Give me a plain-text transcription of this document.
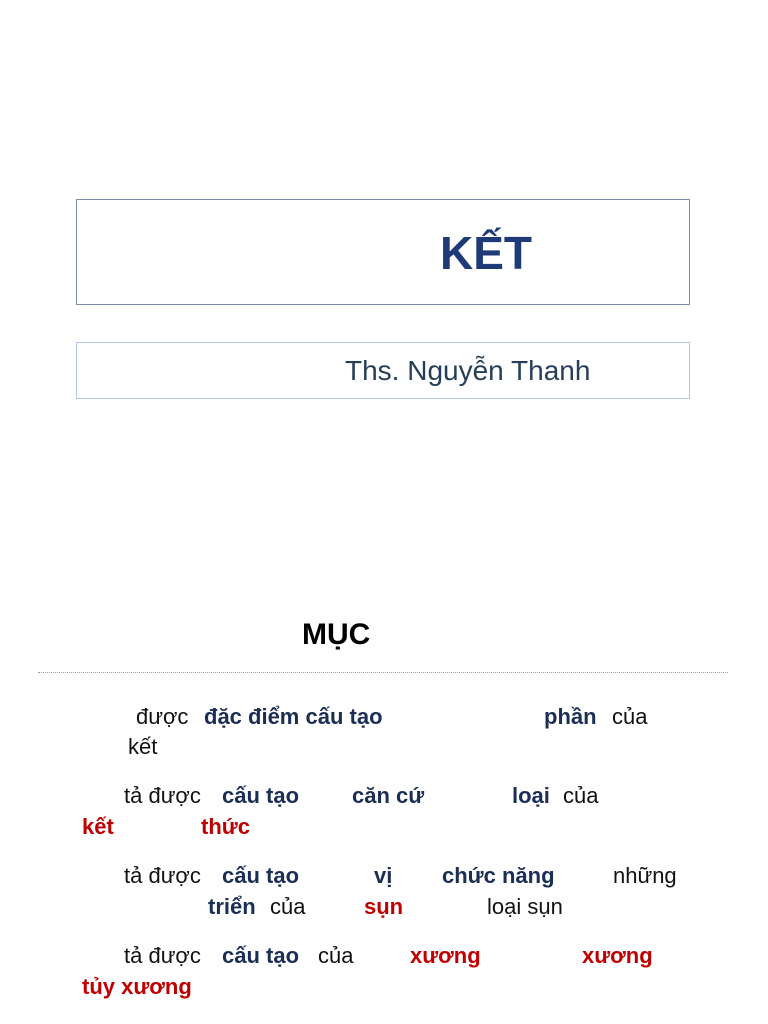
KẾT
Ths. Nguyễn Thanh
MỤC
được đặc điểm cấu tạo	phần của
kết
tả được cấu tạo căn cứ	loại của
kết	thức
tả được cấu tạo	vị chức năng	những
triển của	sụn	loại sụn
tả được cấu tạo của	xương	xương
tủy xương
